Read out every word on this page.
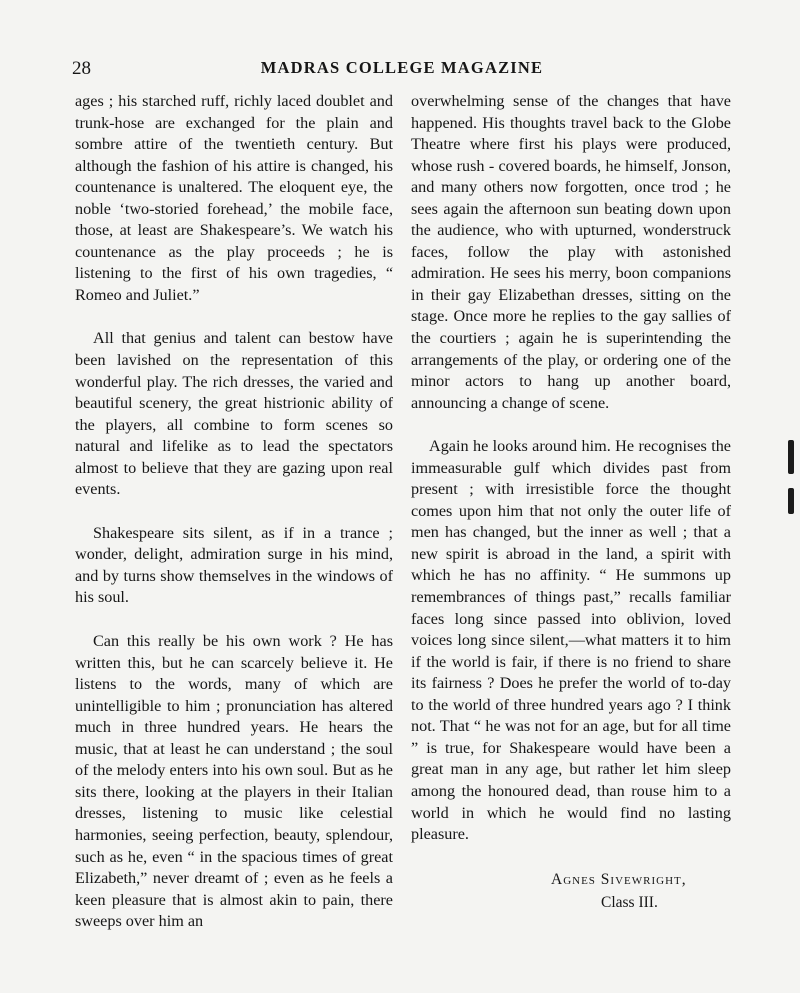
28	MADRAS COLLEGE MAGAZINE

ages ; his starched ruff, richly laced doublet and trunk-hose are exchanged for the plain and sombre attire of the twentieth century. But although the fashion of his attire is changed, his countenance is unaltered. The eloquent eye, the noble ‘two-storied forehead,’ the mobile face, those, at least are Shakespeare’s. We watch his countenance as the play proceeds ; he is listening to the first of his own tragedies, “ Romeo and Juliet.”

All that genius and talent can bestow have been lavished on the representation of this wonderful play. The rich dresses, the varied and beautiful scenery, the great histrionic ability of the players, all combine to form scenes so natural and lifelike as to lead the spectators almost to believe that they are gazing upon real events.

Shakespeare sits silent, as if in a trance ; wonder, delight, admiration surge in his mind, and by turns show themselves in the windows of his soul.

Can this really be his own work ? He has written this, but he can scarcely believe it. He listens to the words, many of which are unintelligible to him ; pronunciation has altered much in three hundred years. He hears the music, that at least he can understand ; the soul of the melody enters into his own soul. But as he sits there, looking at the players in their Italian dresses, listening to music like celestial harmonies, seeing perfection, beauty, splendour, such as he, even “ in the spacious times of great Elizabeth,” never dreamt of ; even as he feels a keen pleasure that is almost akin to pain, there sweeps over him an

overwhelming sense of the changes that have happened. His thoughts travel back to the Globe Theatre where first his plays were produced, whose rush - covered boards, he himself, Jonson, and many others now forgotten, once trod ; he sees again the afternoon sun beating down upon the audience, who with upturned, wonderstruck faces, follow the play with astonished admiration. He sees his merry, boon companions in their gay Elizabethan dresses, sitting on the stage. Once more he replies to the gay sallies of the courtiers ; again he is superintending the arrangements of the play, or ordering one of the minor actors to hang up another board, announcing a change of scene.

Again he looks around him. He recognises the immeasurable gulf which divides past from present ; with irresistible force the thought comes upon him that not only the outer life of men has changed, but the inner as well ; that a new spirit is abroad in the land, a spirit with which he has no affinity. “ He summons up remembrances of things past,” recalls familiar faces long since passed into oblivion, loved voices long since silent,—what matters it to him if the world is fair, if there is no friend to share its fairness ? Does he prefer the world of to-day to the world of three hundred years ago ? I think not. That “ he was not for an age, but for all time ” is true, for Shakespeare would have been a great man in any age, but rather let him sleep among the honoured dead, than rouse him to a world in which he would find no lasting pleasure.

Agnes Sivewright,
Class III.
